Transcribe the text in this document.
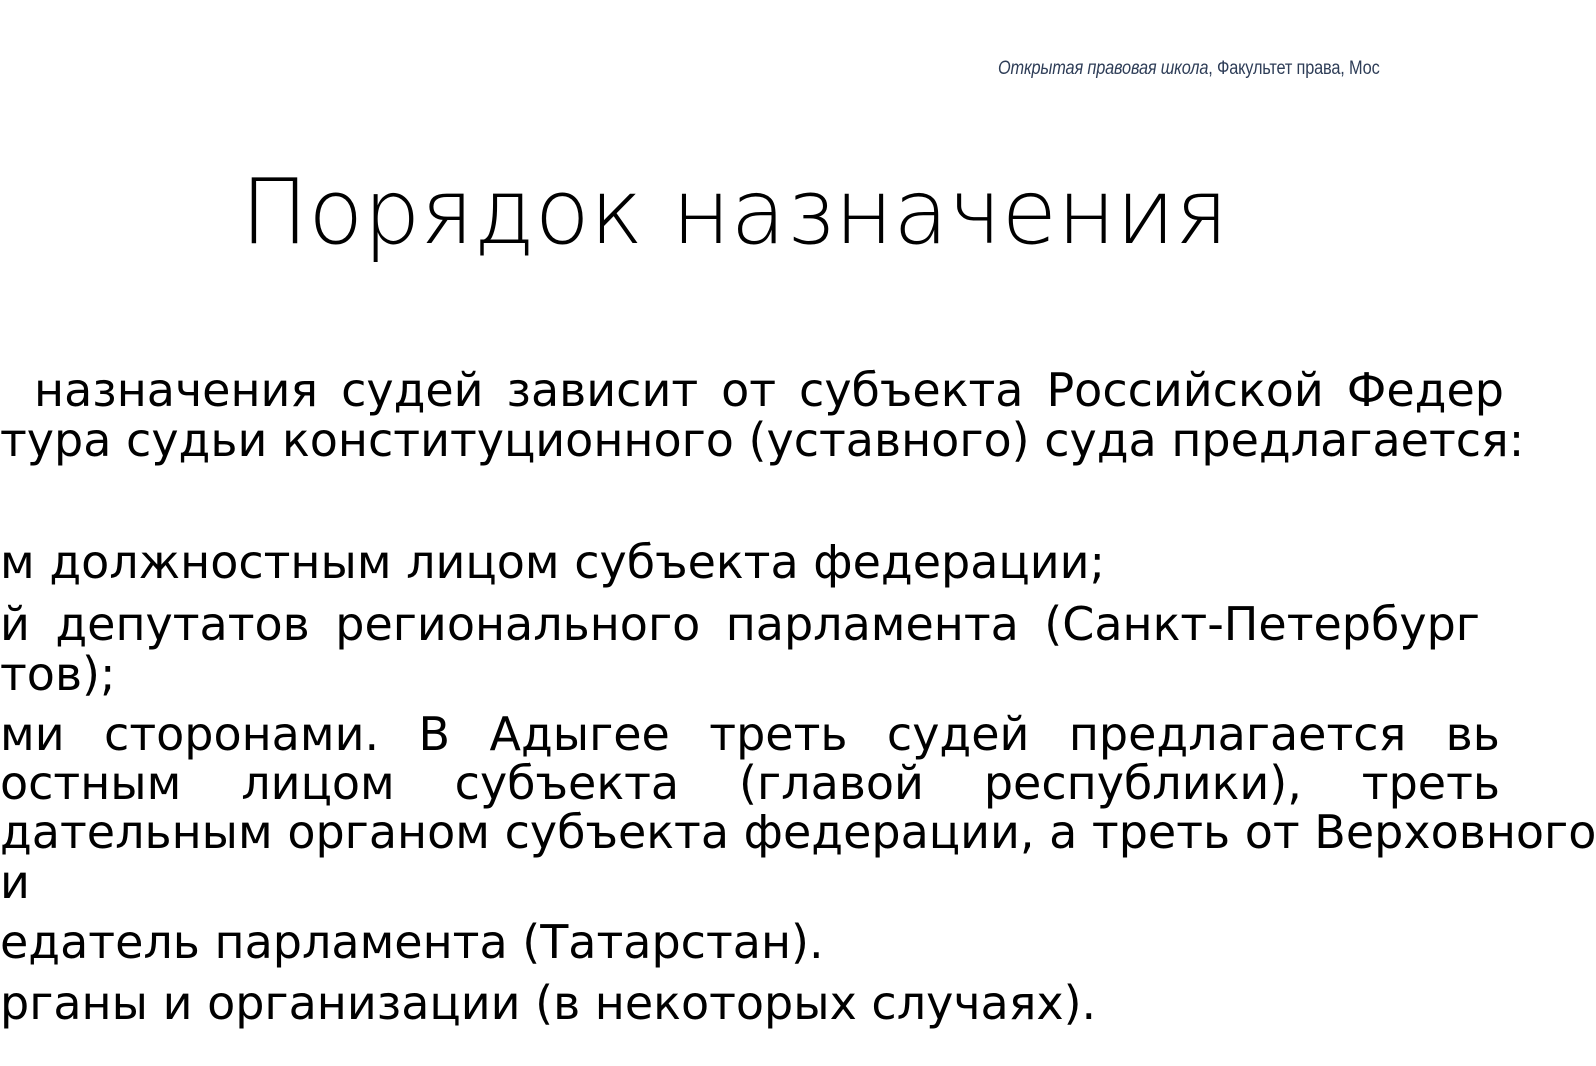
Открытая правовая школа, Факультет права, Мос
Порядок назначения
назначения судей зависит от субъекта Российской Федер
тура судьи конституционного (уставного) суда предлагается:
м должностным лицом субъекта федерации;
й депутатов регионального парламента (Санкт-Петербург
тов);
ми сторонами. В Адыгее треть судей предлагается вь
остным лицом субъекта (главой республики), треть
дательным органом субъекта федерации, а треть от Верховного
и
едатель парламента (Татарстан).
рганы и организации (в некоторых случаях).
